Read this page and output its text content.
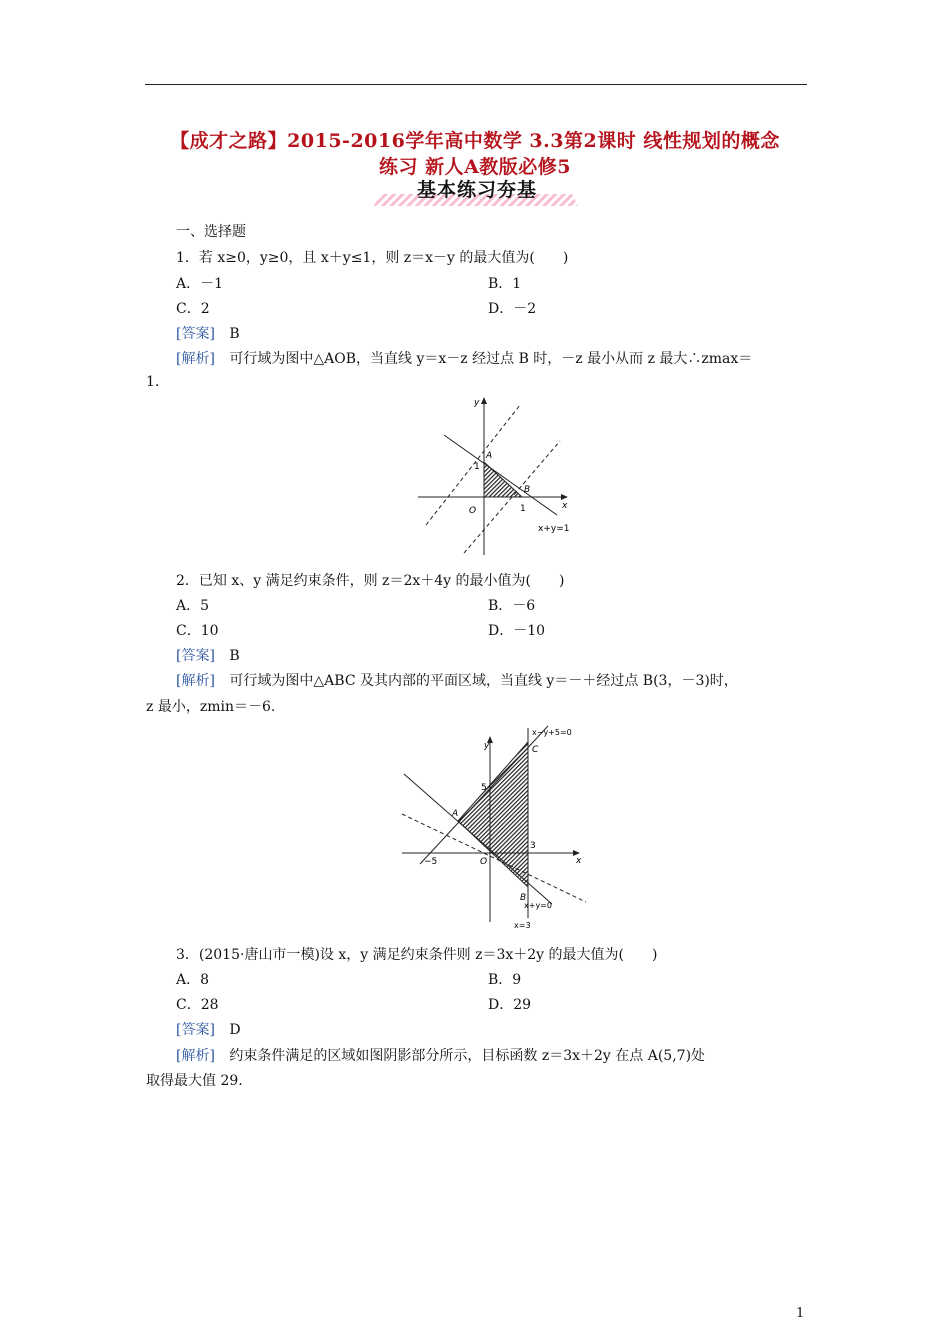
【成才之路】2015-2016学年高中数学 3.3第2课时 线性规划的概念
练习 新人A教版必修5
基本练习夯基
一、选择题
1．若 x≥0，y≥0，且 x＋y≤1，则 z＝x－y 的最大值为(　　)
A．－1	B．1
C．2	D．－2
[答案] B
[解析] 可行域为图中△AOB，当直线 y＝x－z 经过点 B 时，－z 最小从而 z 最大∴zmax＝
1.
y
x
A
B
O
1
1
x+y=1
2．已知 x、y 满足约束条件，则 z＝2x＋4y 的最小值为(　　)
A．5	B．－6
C．10	D．－10
[答案] B
[解析] 可行域为图中△ABC 及其内部的平面区域，当直线 y＝－＋经过点 B(3，－3)时，
z 最小，zmin＝－6.
y
x
A
B
C
O
5
−5
3
x−y+5=0
x+y=0
x=3
3．(2015·唐山市一模)设 x，y 满足约束条件则 z＝3x＋2y 的最大值为(　　)
A．8	B．9
C．28	D．29
[答案] D
[解析] 约束条件满足的区域如图阴影部分所示，目标函数 z＝3x＋2y 在点 A(5,7)处
取得最大值 29.
1
